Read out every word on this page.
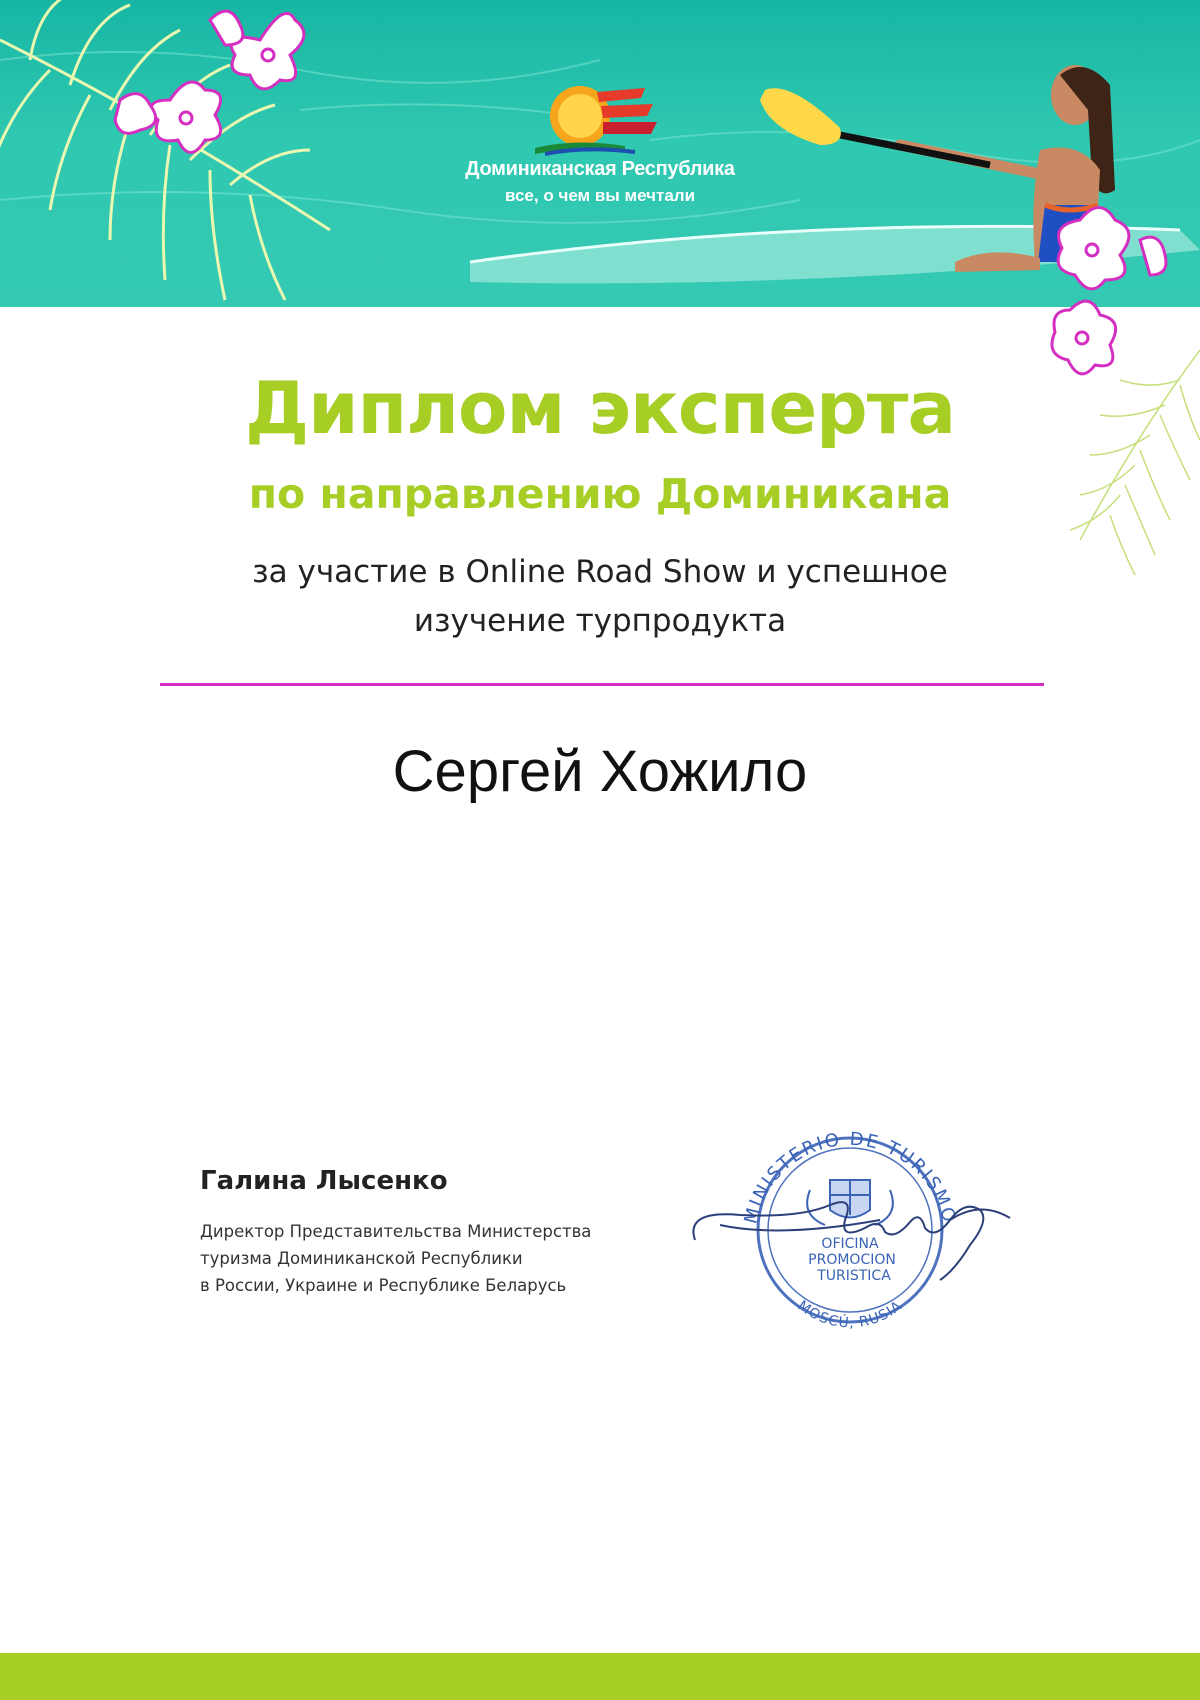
Доминиканская Республика
все, о чем вы мечтали
Диплом эксперта
по направлению Доминикана
за участие в Online Road Show и успешное
изучение турпродукта
Сергей Хожило
Галина Лысенко
Директор Представительства Министерства
туризма Доминиканской Республики
в России, Украине и Республике Беларусь
MINISTERIO DE TURISMO
MOSCÚ, RUSIA
OFICINA
PROMOCION
TURISTICA
